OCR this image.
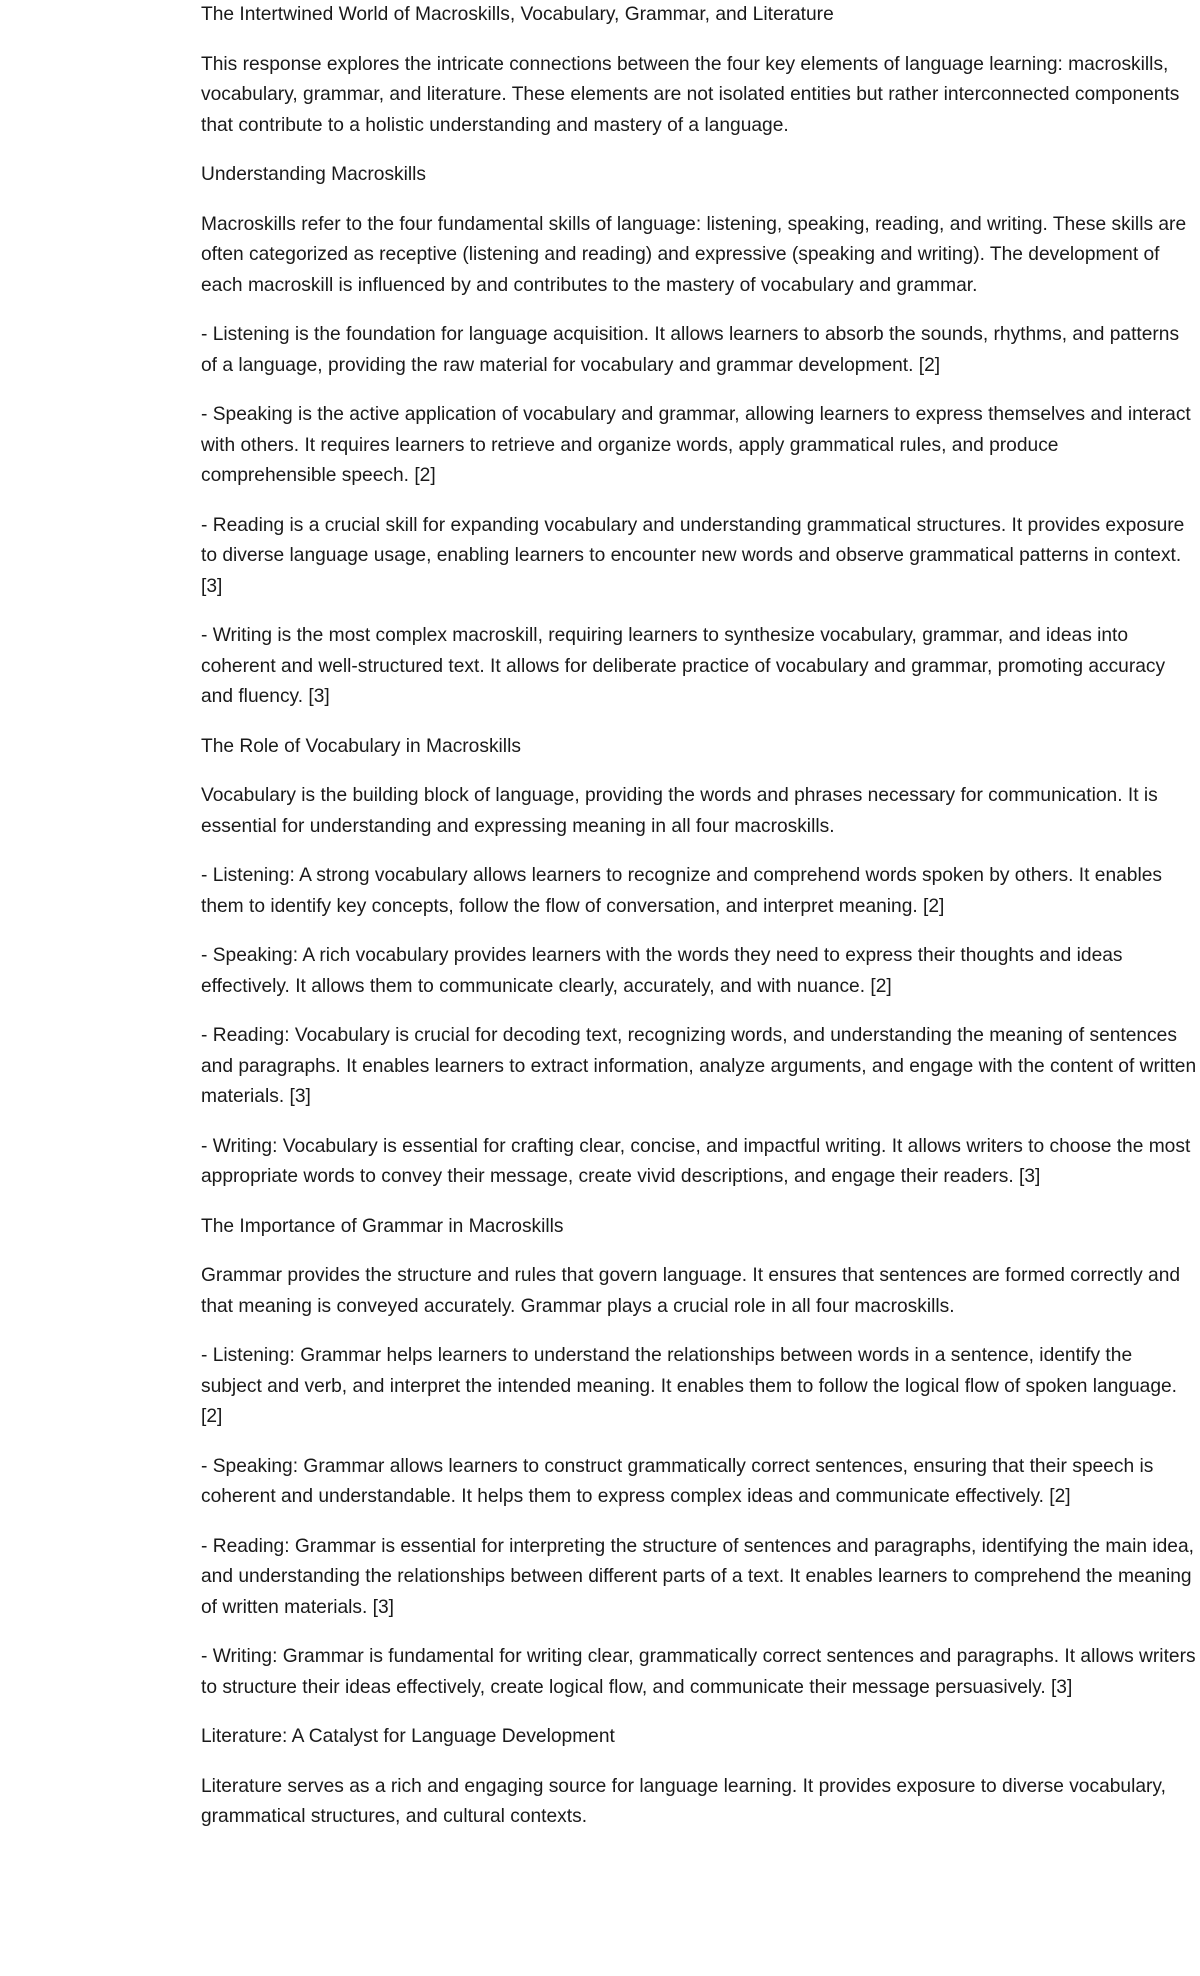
The Intertwined World of Macroskills, Vocabulary, Grammar, and Literature

This response explores the intricate connections between the four key elements of language learning: macroskills, vocabulary, grammar, and literature. These elements are not isolated entities but rather interconnected components that contribute to a holistic understanding and mastery of a language.

Understanding Macroskills

Macroskills refer to the four fundamental skills of language: listening, speaking, reading, and writing. These skills are often categorized as receptive (listening and reading) and expressive (speaking and writing). The development of each macroskill is influenced by and contributes to the mastery of vocabulary and grammar.

- Listening is the foundation for language acquisition. It allows learners to absorb the sounds, rhythms, and patterns of a language, providing the raw material for vocabulary and grammar development. [2]

- Speaking is the active application of vocabulary and grammar, allowing learners to express themselves and interact with others. It requires learners to retrieve and organize words, apply grammatical rules, and produce comprehensible speech. [2]

- Reading is a crucial skill for expanding vocabulary and understanding grammatical structures. It provides exposure to diverse language usage, enabling learners to encounter new words and observe grammatical patterns in context. [3]

- Writing is the most complex macroskill, requiring learners to synthesize vocabulary, grammar, and ideas into coherent and well-structured text. It allows for deliberate practice of vocabulary and grammar, promoting accuracy and fluency. [3]

The Role of Vocabulary in Macroskills

Vocabulary is the building block of language, providing the words and phrases necessary for communication. It is essential for understanding and expressing meaning in all four macroskills.

- Listening: A strong vocabulary allows learners to recognize and comprehend words spoken by others. It enables them to identify key concepts, follow the flow of conversation, and interpret meaning. [2]

- Speaking: A rich vocabulary provides learners with the words they need to express their thoughts and ideas effectively. It allows them to communicate clearly, accurately, and with nuance. [2]

- Reading: Vocabulary is crucial for decoding text, recognizing words, and understanding the meaning of sentences and paragraphs. It enables learners to extract information, analyze arguments, and engage with the content of written materials. [3]

- Writing: Vocabulary is essential for crafting clear, concise, and impactful writing. It allows writers to choose the most appropriate words to convey their message, create vivid descriptions, and engage their readers. [3]

The Importance of Grammar in Macroskills

Grammar provides the structure and rules that govern language. It ensures that sentences are formed correctly and that meaning is conveyed accurately. Grammar plays a crucial role in all four macroskills.

- Listening: Grammar helps learners to understand the relationships between words in a sentence, identify the subject and verb, and interpret the intended meaning. It enables them to follow the logical flow of spoken language. [2]

- Speaking: Grammar allows learners to construct grammatically correct sentences, ensuring that their speech is coherent and understandable. It helps them to express complex ideas and communicate effectively. [2]

- Reading: Grammar is essential for interpreting the structure of sentences and paragraphs, identifying the main idea, and understanding the relationships between different parts of a text. It enables learners to comprehend the meaning of written materials. [3]

- Writing: Grammar is fundamental for writing clear, grammatically correct sentences and paragraphs. It allows writers to structure their ideas effectively, create logical flow, and communicate their message persuasively. [3]

Literature: A Catalyst for Language Development

Literature serves as a rich and engaging source for language learning. It provides exposure to diverse vocabulary, grammatical structures, and cultural contexts.
